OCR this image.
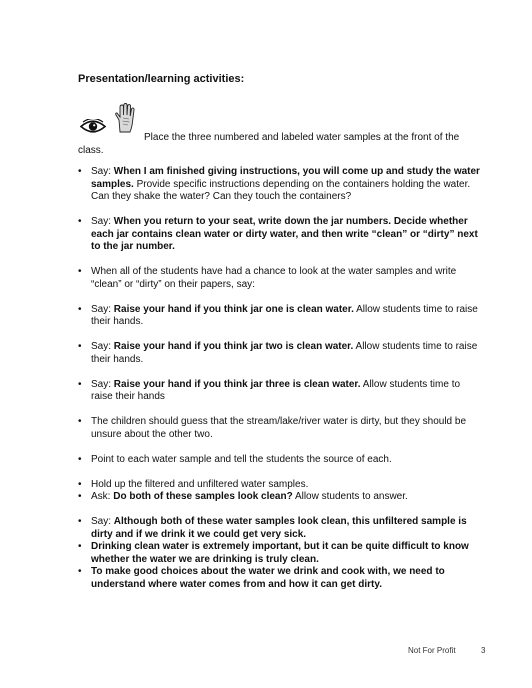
Presentation/learning activities:

Place the three numbered and labeled water samples at the front of the class.

• Say: When I am finished giving instructions, you will come up and study the water samples. Provide specific instructions depending on the containers holding the water. Can they shake the water? Can they touch the containers?
• Say: When you return to your seat, write down the jar numbers. Decide whether each jar contains clean water or dirty water, and then write “clean” or “dirty” next to the jar number.
• When all of the students have had a chance to look at the water samples and write “clean” or “dirty” on their papers, say:
• Say: Raise your hand if you think jar one is clean water. Allow students time to raise their hands.
• Say: Raise your hand if you think jar two is clean water. Allow students time to raise their hands.
• Say: Raise your hand if you think jar three is clean water. Allow students time to raise their hands
• The children should guess that the stream/lake/river water is dirty, but they should be unsure about the other two.
• Point to each water sample and tell the students the source of each.
• Hold up the filtered and unfiltered water samples.
• Ask: Do both of these samples look clean? Allow students to answer.
• Say: Although both of these water samples look clean, this unfiltered sample is dirty and if we drink it we could get very sick.
• Drinking clean water is extremely important, but it can be quite difficult to know whether the water we are drinking is truly clean.
• To make good choices about the water we drink and cook with, we need to understand where water comes from and how it can get dirty.
Not For Profit	3
